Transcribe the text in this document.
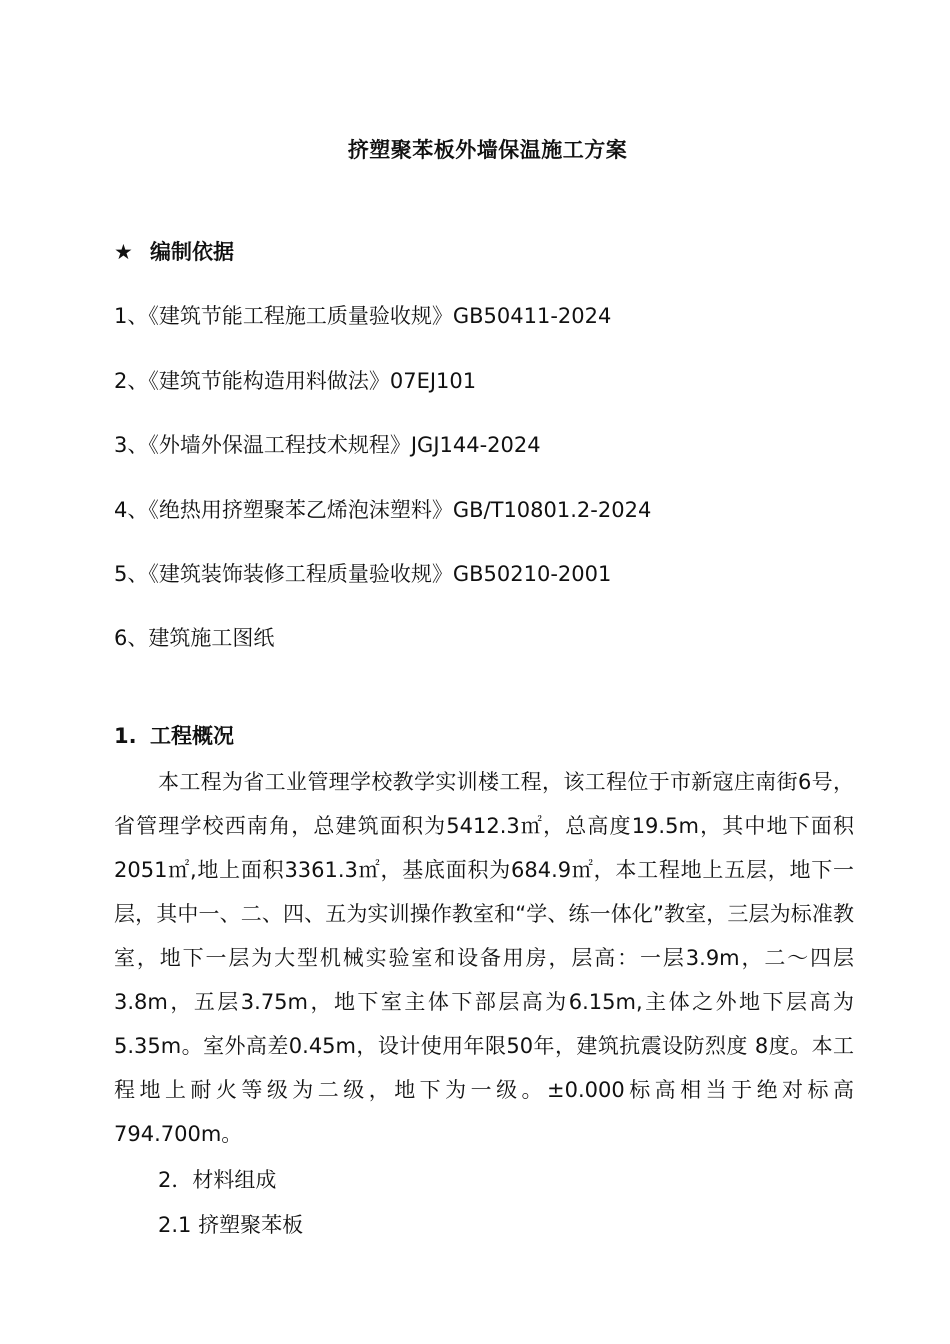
挤塑聚苯板外墙保温施工方案
★ 编制依据
1、《建筑节能工程施工质量验收规》GB50411-2024
2、《建筑节能构造用料做法》07EJ101
3、《外墙外保温工程技术规程》JGJ144-2024
4、《绝热用挤塑聚苯乙烯泡沫塑料》GB/T10801.2-2024
5、《建筑装饰装修工程质量验收规》GB50210-2001
6、建筑施工图纸
1. 工程概况
本工程为省工业管理学校教学实训楼工程，该工程位于市新寇庄南街6号，省管理学校西南角，总建筑面积为5412.3㎡，总高度19.5m，其中地下面积2051㎡,地上面积3361.3㎡，基底面积为684.9㎡，本工程地上五层，地下一层，其中一、二、四、五为实训操作教室和“学、练一体化”教室，三层为标准教室，地下一层为大型机械实验室和设备用房，层高：一层3.9m，二～四层3.8m，五层3.75m，地下室主体下部层高为6.15m,主体之外地下层高为5.35m。室外高差0.45m，设计使用年限50年，建筑抗震设防烈度 8度。本工程地上耐火等级为二级，地下为一级。±0.000标高相当于绝对标高794.700m。
2．材料组成
2.1 挤塑聚苯板
